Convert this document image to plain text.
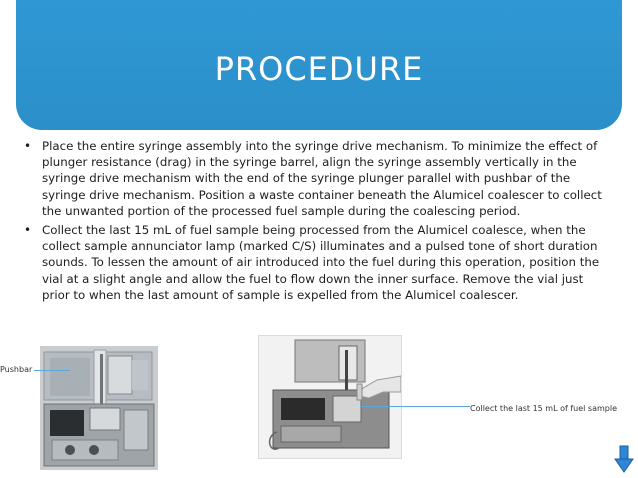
PROCEDURE
• Place the entire syringe assembly into the syringe drive mechanism. To minimize the effect of plunger resistance (drag) in the syringe barrel, align the syringe assembly vertically in the syringe drive mechanism with the end of the syringe plunger parallel with pushbar of the syringe drive mechanism. Position a waste container beneath the Alumicel coalescer to collect the unwanted portion of the processed fuel sample during the coalescing period.
• Collect the last 15 mL of fuel sample being processed from the Alumicel coalesce, when the collect sample annunciator lamp (marked C/S) illuminates and a pulsed tone of short duration sounds. To lessen the amount of air introduced into the fuel during this operation, position the vial at a slight angle and allow the fuel to flow down the inner surface. Remove the vial just prior to when the last amount of sample is expelled from the Alumicel coalescer.
Pushbar
Collect the last 15 mL of fuel sample
